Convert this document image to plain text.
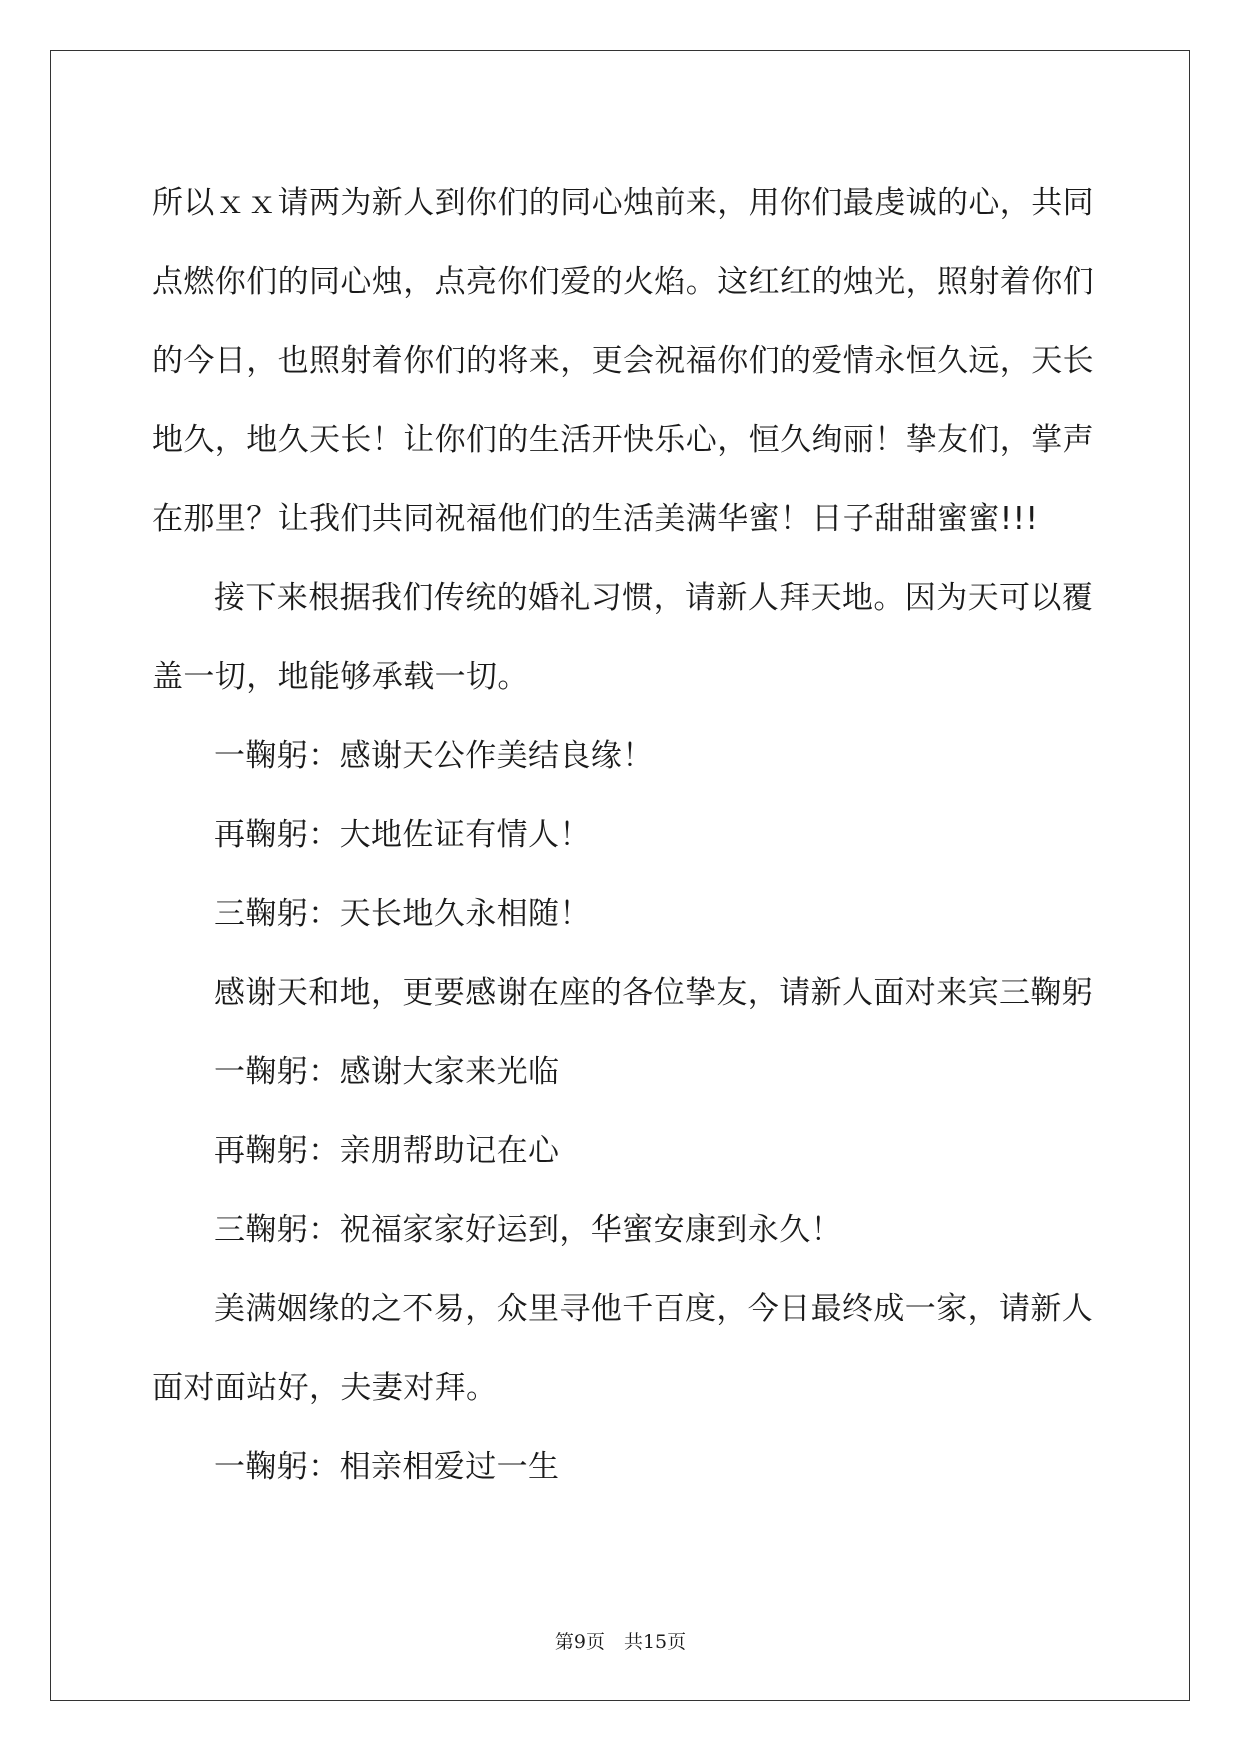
所以ｘｘ请两为新人到你们的同心烛前来，用你们最虔诚的心，共同

点燃你们的同心烛，点亮你们爱的火焰。这红红的烛光，照射着你们

的今日，也照射着你们的将来，更会祝福你们的爱情永恒久远，天长

地久，地久天长！让你们的生活开快乐心，恒久绚丽！挚友们，掌声

在那里？让我们共同祝福他们的生活美满华蜜！日子甜甜蜜蜜!!!

接下来根据我们传统的婚礼习惯，请新人拜天地。因为天可以覆

盖一切，地能够承载一切。

一鞠躬：感谢天公作美结良缘！

再鞠躬：大地佐证有情人！

三鞠躬：天长地久永相随！

感谢天和地，更要感谢在座的各位挚友，请新人面对来宾三鞠躬

一鞠躬：感谢大家来光临

再鞠躬：亲朋帮助记在心

三鞠躬：祝福家家好运到，华蜜安康到永久！

美满姻缘的之不易，众里寻他千百度，今日最终成一家，请新人

面对面站好，夫妻对拜。

一鞠躬：相亲相爱过一生

第9页　共15页
